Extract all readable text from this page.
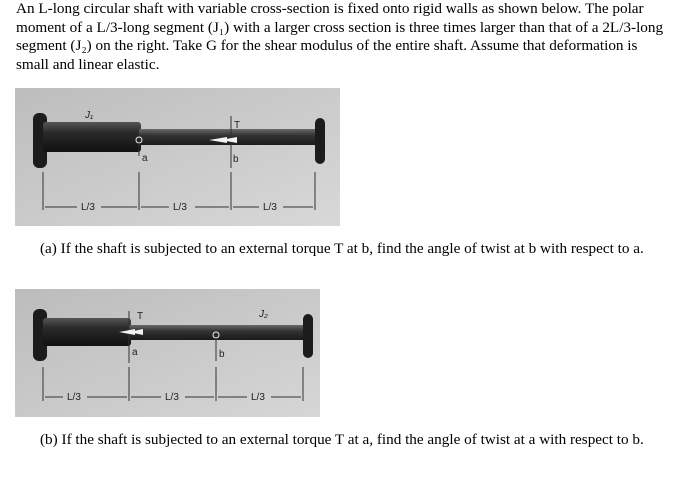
An L-long circular shaft with variable cross-section is fixed onto rigid walls as shown below. The polar moment of a L/3-long segment (J₁) with a larger cross section is three times larger than that of a 2L/3-long segment (J₂) on the right. Take G for the shear modulus of the entire shaft. Assume that deformation is small and linear elastic.

a
T
b
J₁
L/3	L/3	L/3

(a) If the shaft is subjected to an external torque T at b, find the angle of twist at b with respect to a.

T
a	b
J₂
L/3	L/3	L/3

(b) If the shaft is subjected to an external torque T at a, find the angle of twist at a with respect to b.
